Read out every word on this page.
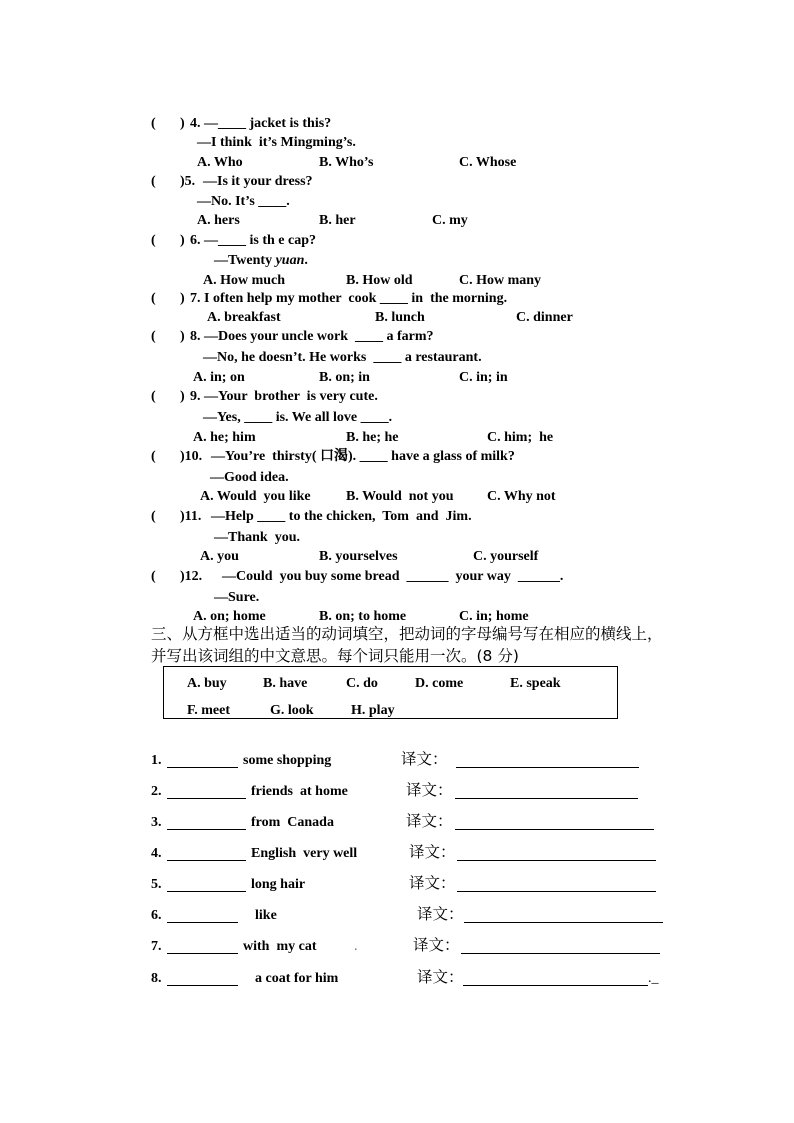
( ) 4. —____ jacket is this?
—I think  it’s Mingming’s.
A. Who	B. Who’s	C. Whose
( )5. —Is it your dress?
—No. It’s ____.
A. hers	B. her	C. my
( ) 6. —____ is th e cap?
—Twenty yuan.
A. How much	B. How old	C. How many
( ) 7. I often help my mother  cook ____ in  the morning.
A. breakfast	B. lunch	C. dinner
( ) 8. —Does your uncle work  ____ a farm?
—No, he doesn’t. He works  ____ a restaurant.
A. in; on	B. on; in	C. in; in
( ) 9. —Your  brother  is very cute.
—Yes, ____ is. We all love ____.
A. he; him	B. he; he	C. him;  he
( )10. —You’re  thirsty( 口渴). ____ have a glass of milk?
—Good idea.
A. Would  you like	B. Would  not you C. Why not
( )11. —Help ____ to the chicken,  Tom  and  Jim.
—Thank  you.
A. you	B. yourselves	C. yourself
( )12. —Could  you buy some bread  ______  your way  ______.
—Sure.
A. on; home	B. on; to home	C. in; home
三、从方框中选出适当的动词填空，把动词的字母编号写在相应的横线上，
并写出该词组的中文意思。每个词只能用一次。(8 分)
A. buy	B. have	C. do	D. come	E. speak
F. meet	G. look	H. play
1.	some shopping	译文：
2.	friends  at home	译文：
3.	from  Canada	译文：
4.	English  very well	译文：
5.	long hair	译文：
6.	like	译文：
7.	with  my cat	.	译文：
8.	a coat for him	译文：	._
